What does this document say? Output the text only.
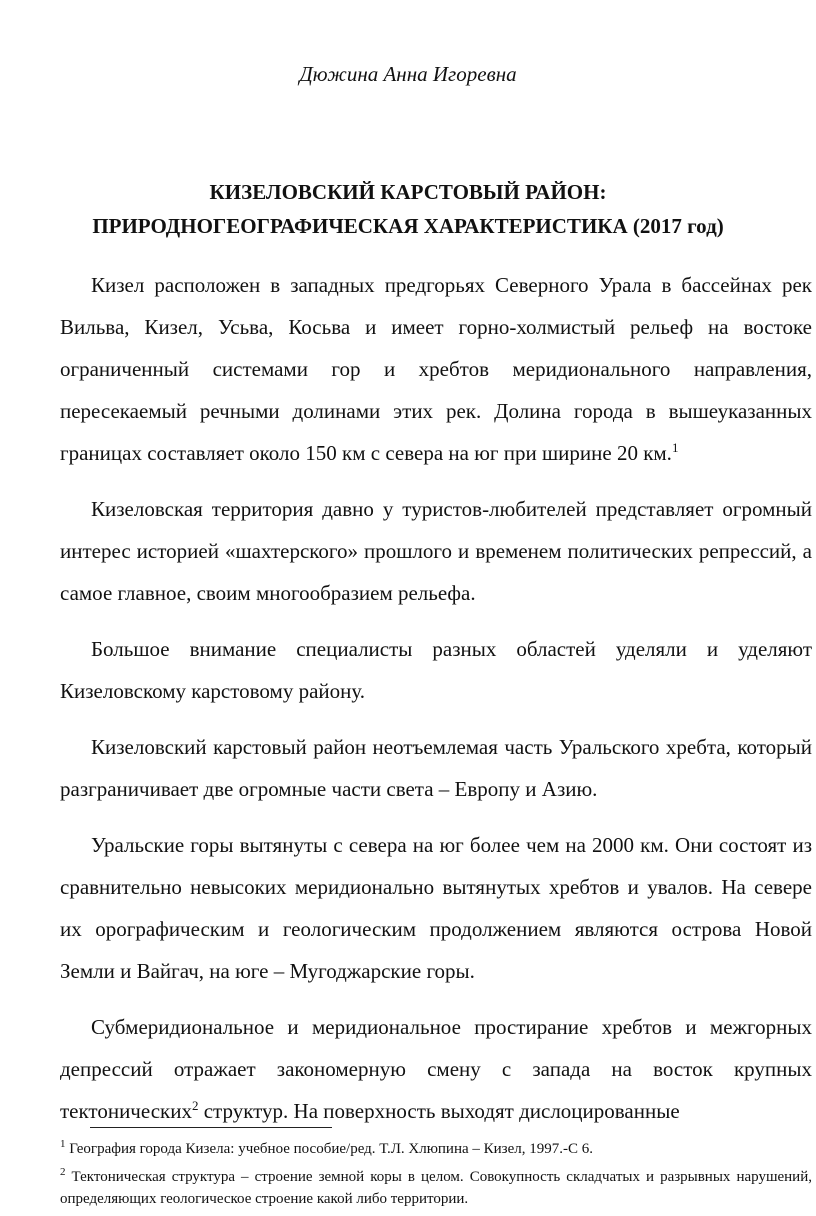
Дюжина Анна Игоревна
КИЗЕЛОВСКИЙ КАРСТОВЫЙ РАЙОН:
ПРИРОДНОГЕОГРАФИЧЕСКАЯ ХАРАКТЕРИСТИКА (2017 год)

Кизел расположен в западных предгорьях Северного Урала в бассейнах рек Вильва, Кизел, Усьва, Косьва и имеет горно-холмистый рельеф на востоке ограниченный системами гор и хребтов меридионального направления, пересекаемый речными долинами этих рек. Долина города в вышеуказанных границах составляет около 150 км с севера на юг при ширине 20 км.$^1$

Кизеловская территория давно у туристов-любителей представляет огромный интерес историей «шахтерского» прошлого и временем политических репрессий, а самое главное, своим многообразием рельефа.

Большое внимание специалисты разных областей уделяли и уделяют Кизеловскому карстовому району.

Кизеловский карстовый район неотъемлемая часть Уральского хребта, который разграничивает две огромные части света – Европу и Азию.

Уральские горы вытянуты с севера на юг более чем на 2000 км. Они состоят из сравнительно невысоких меридионально вытянутых хребтов и увалов. На севере их орографическим и геологическим продолжением являются острова Новой Земли и Вайгач, на юге – Мугоджарские горы.

Субмеридиональное и меридиональное простирание хребтов и межгорных депрессий отражает закономерную смену с запада на восток крупных тектонических$^2$ структур. На поверхность выходят дислоцированные

$^1$ География города Кизела: учебное пособие/ред. Т.Л. Хлюпина – Кизел, 1997.-С 6.

$^2$ Тектоническая структура – строение земной коры в целом. Совокупность складчатых и разрывных нарушений, определяющих геологическое строение какой либо территории.
